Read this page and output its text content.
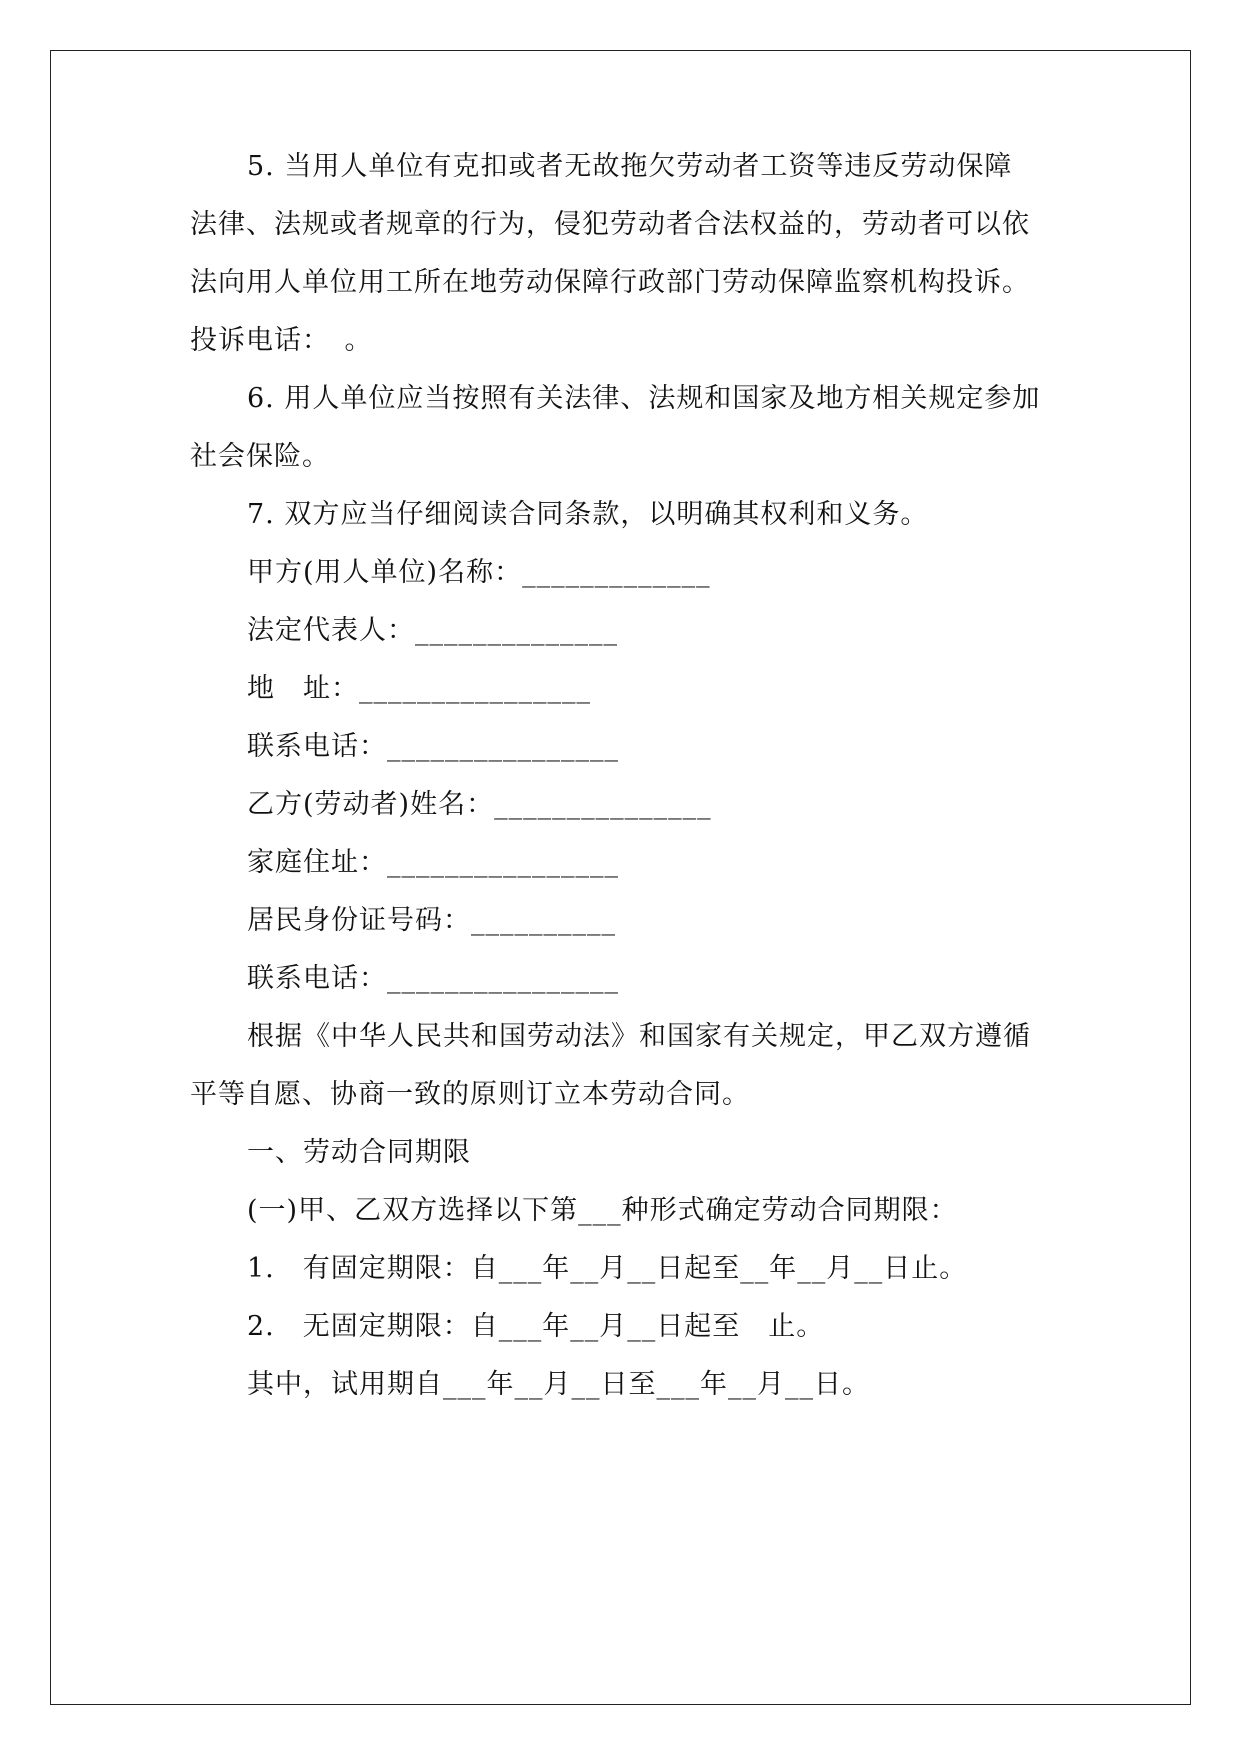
5. 当用人单位有克扣或者无故拖欠劳动者工资等违反劳动保障
法律、法规或者规章的行为，侵犯劳动者合法权益的，劳动者可以依
法向用人单位用工所在地劳动保障行政部门劳动保障监察机构投诉。
投诉电话：　。
6. 用人单位应当按照有关法律、法规和国家及地方相关规定参加
社会保险。
7. 双方应当仔细阅读合同条款，以明确其权利和义务。
甲方(用人单位)名称：_____________
法定代表人：______________
地　址：________________
联系电话：________________
乙方(劳动者)姓名：_______________
家庭住址：________________
居民身份证号码：__________
联系电话：________________
根据《中华人民共和国劳动法》和国家有关规定，甲乙双方遵循
平等自愿、协商一致的原则订立本劳动合同。
一、劳动合同期限
(一)甲、乙双方选择以下第___种形式确定劳动合同期限：
1.　有固定期限：自___年__月__日起至__年__月__日止。
2.　无固定期限：自___年__月__日起至　止。
其中，试用期自___年__月__日至___年__月__日。
